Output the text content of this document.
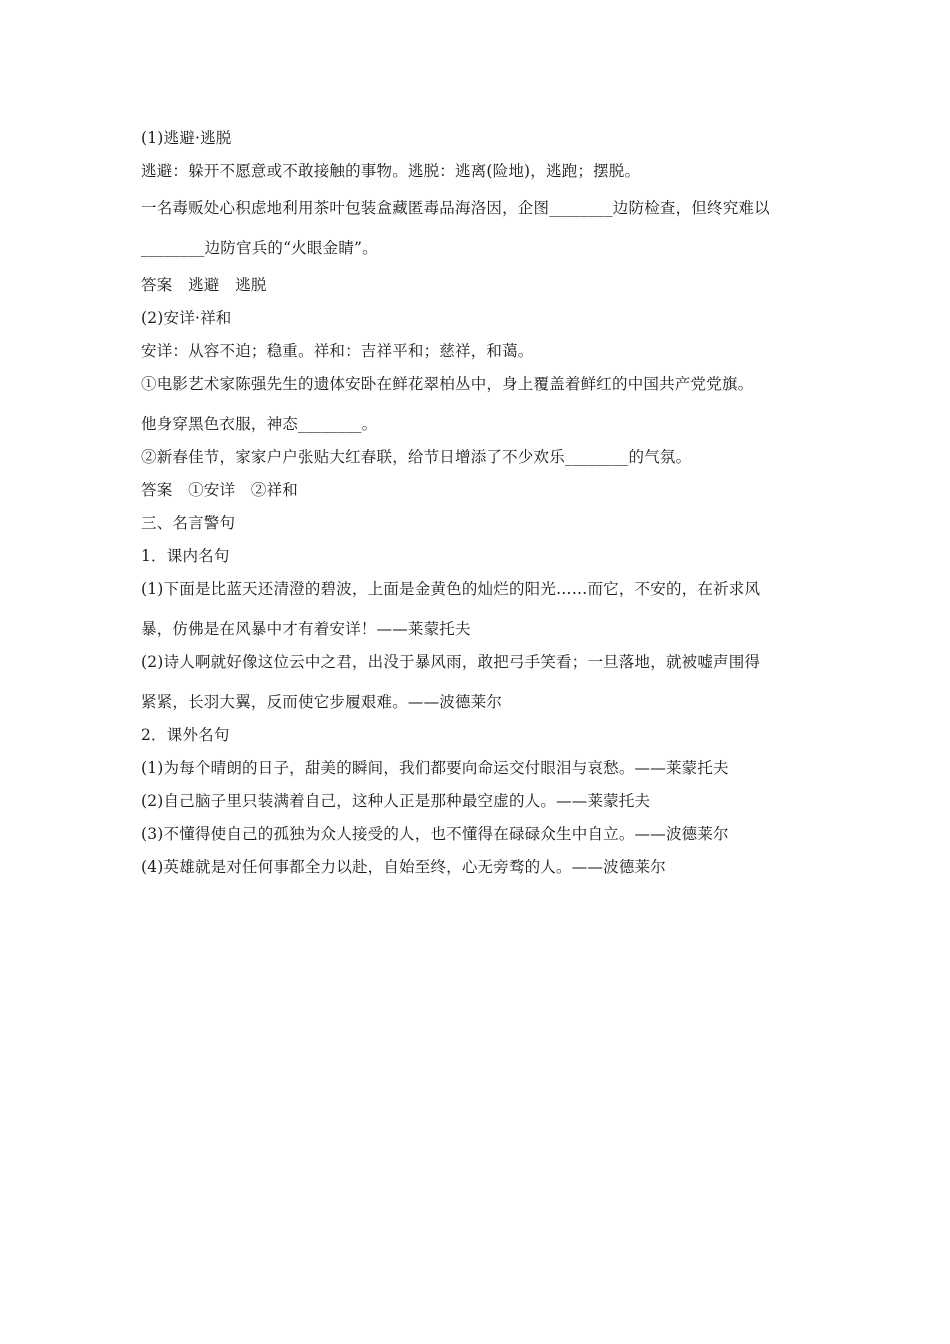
(1)逃避·逃脱

逃避：躲开不愿意或不敢接触的事物。逃脱：逃离(险地)，逃跑；摆脱。

一名毒贩处心积虑地利用茶叶包装盒藏匿毒品海洛因，企图________边防检查，但终究难以

________边防官兵的“火眼金睛”。

答案　逃避　逃脱

(2)安详·祥和

安详：从容不迫；稳重。祥和：吉祥平和；慈祥，和蔼。

①电影艺术家陈强先生的遗体安卧在鲜花翠柏丛中，身上覆盖着鲜红的中国共产党党旗。

他身穿黑色衣服，神态________。

②新春佳节，家家户户张贴大红春联，给节日增添了不少欢乐________的气氛。

答案　①安详　②祥和

三、名言警句

1．课内名句

(1)下面是比蓝天还清澄的碧波，上面是金黄色的灿烂的阳光……而它，不安的，在祈求风

暴，仿佛是在风暴中才有着安详！——莱蒙托夫

(2)诗人啊就好像这位云中之君，出没于暴风雨，敢把弓手笑看；一旦落地，就被嘘声围得

紧紧，长羽大翼，反而使它步履艰难。——波德莱尔

2．课外名句

(1)为每个晴朗的日子，甜美的瞬间，我们都要向命运交付眼泪与哀愁。——莱蒙托夫

(2)自己脑子里只装满着自己，这种人正是那种最空虚的人。——莱蒙托夫

(3)不懂得使自己的孤独为众人接受的人，也不懂得在碌碌众生中自立。——波德莱尔

(4)英雄就是对任何事都全力以赴，自始至终，心无旁骛的人。——波德莱尔
